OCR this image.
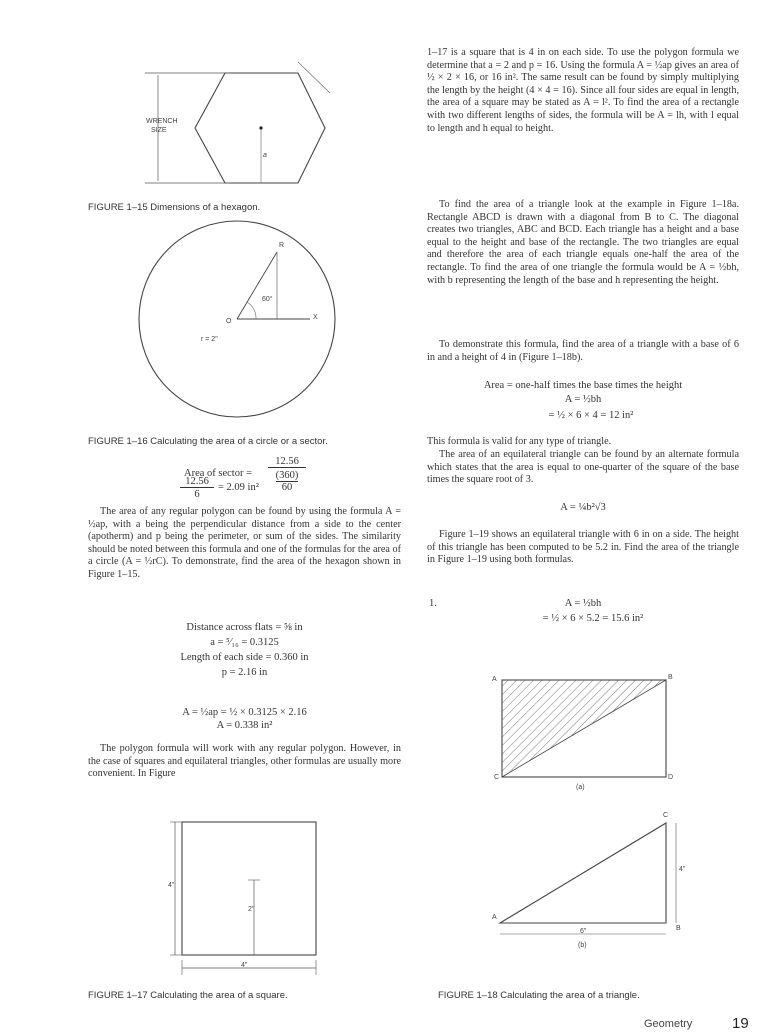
WRENCH
SIZE
a
FIGURE 1–15 Dimensions of a hexagon.
R
X
O
60°
r = 2"
FIGURE 1–16 Calculating the area of a circle or a sector.
Area of sector =
12.56
(360)
60
12.56
6
= 2.09 in²
The area of any regular polygon can be found by using the formula A = ½ap, with a being the perpendicular distance from a side to the center (apotherm) and p being the perimeter, or sum of the sides. The similarity should be noted between this formula and one of the formulas for the area of a circle (A = ½rC). To demonstrate, find the area of the hexagon shown in Figure 1–15.
Distance across flats = ⅝ in
a = ⁵⁄₁₆ = 0.3125
Length of each side = 0.360 in
p = 2.16 in
A = ½ap = ½ × 0.3125 × 2.16
A = 0.338 in²
The polygon formula will work with any regular polygon. However, in the case of squares and equilateral triangles, other formulas are usually more convenient. In Figure
4"
2"
4"
FIGURE 1–17 Calculating the area of a square.
1–17 is a square that is 4 in on each side. To use the polygon formula we determine that a = 2 and p = 16. Using the formula A = ½ap gives an area of ½ × 2 × 16, or 16 in². The same result can be found by simply multiplying the length by the height (4 × 4 = 16). Since all four sides are equal in length, the area of a square may be stated as A = l². To find the area of a rectangle with two different lengths of sides, the formula will be A = lh, with l equal to length and h equal to height.
To find the area of a triangle look at the example in Figure 1–18a. Rectangle ABCD is drawn with a diagonal from B to C. The diagonal creates two triangles, ABC and BCD. Each triangle has a height and a base equal to the height and base of the rectangle. The two triangles are equal and therefore the area of each triangle equals one-half the area of the rectangle. To find the area of one triangle the formula would be A = ½bh, with b representing the length of the base and h representing the height.
To demonstrate this formula, find the area of a triangle with a base of 6 in and a height of 4 in (Figure 1–18b).
Area = one-half times the base times the height
A = ½bh
= ½ × 6 × 4 = 12 in²
This formula is valid for any type of triangle.
The area of an equilateral triangle can be found by an alternate formula which states that the area is equal to one-quarter of the square of the base times the square root of 3.
A = ¼b²√3
Figure 1–19 shows an equilateral triangle with 6 in on a side. The height of this triangle has been computed to be 5.2 in. Find the area of the triangle in Figure 1–19 using both formulas.
1.	A = ½bh
= ½ × 6 × 5.2 = 15.6 in²
A	B
C	D
(a)
C
A
B
4"
6"
(b)
FIGURE 1–18 Calculating the area of a triangle.
Geometry	19
